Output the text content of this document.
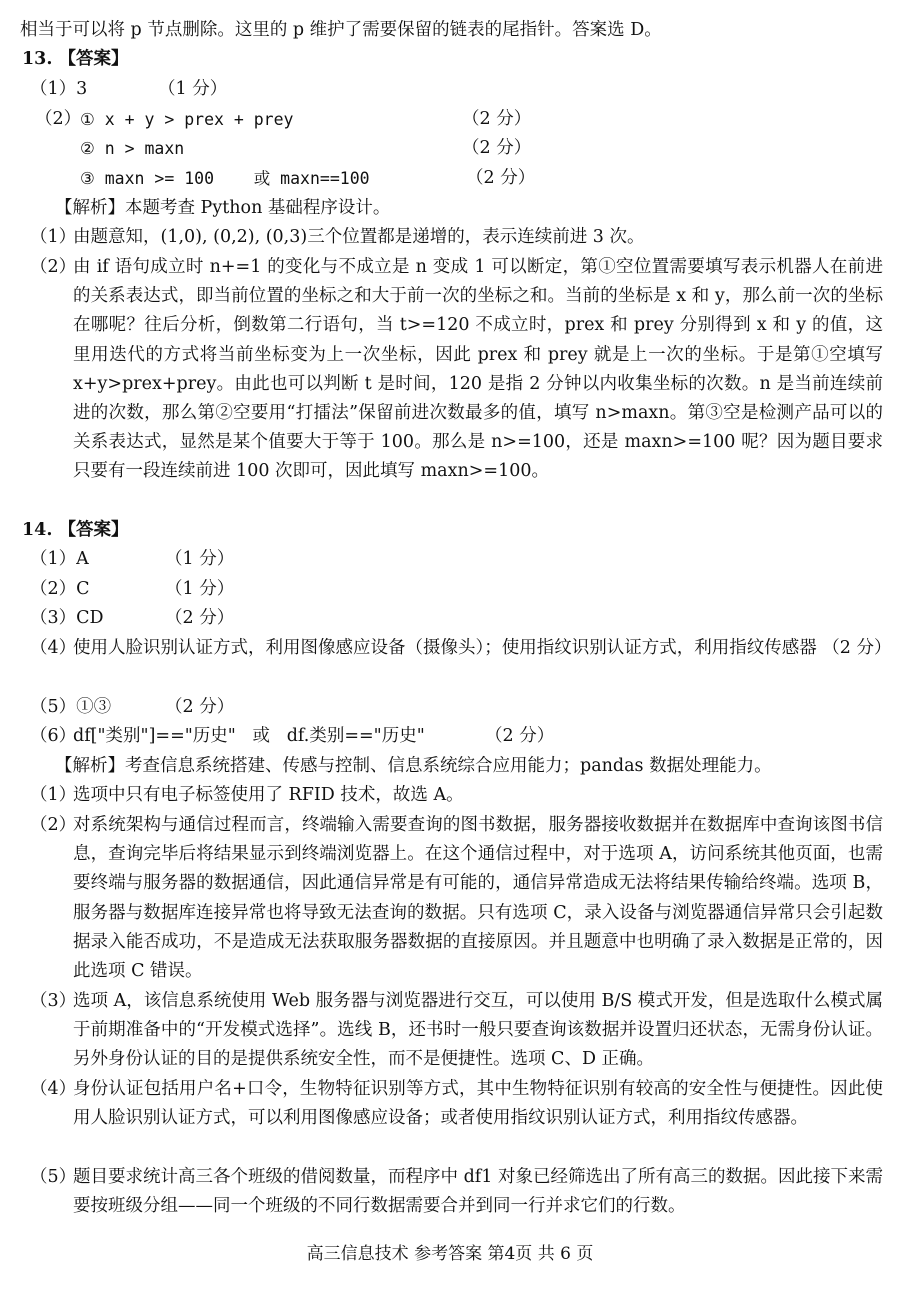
相当于可以将 p 节点删除。这里的 p 维护了需要保留的链表的尾指针。答案选 D。
13. 【答案】
（1）3	（1 分）
（2）
① x + y > prex + prey	（2 分）
② n > maxn	（2 分）
③ maxn >= 100    或 maxn==100	（2 分）
【解析】本题考查 Python 基础程序设计。
（1）
由题意知，(1,0), (0,2), (0,3)三个位置都是递增的，表示连续前进 3 次。
（2）
由 if 语句成立时 n+=1 的变化与不成立是 n 变成 1 可以断定，第①空位置需要填写表示机器人在前进的关系表达式，即当前位置的坐标之和大于前一次的坐标之和。当前的坐标是 x 和 y，那么前一次的坐标在哪呢？往后分析，倒数第二行语句，当 t>=120 不成立时，prex 和 prey 分别得到 x 和 y 的值，这里用迭代的方式将当前坐标变为上一次坐标，因此 prex 和 prey 就是上一次的坐标。于是第①空填写 x+y>prex+prey。由此也可以判断 t 是时间，120 是指 2 分钟以内收集坐标的次数。n 是当前连续前进的次数，那么第②空要用“打擂法”保留前进次数最多的值，填写 n>maxn。第③空是检测产品可以的关系表达式，显然是某个值要大于等于 100。那么是 n>=100，还是 maxn>=100 呢？因为题目要求只要有一段连续前进 100 次即可，因此填写 maxn>=100。
14. 【答案】
（1）A	（1 分）
（2）C	（1 分）
（3）CD	（2 分）
（4）
使用人脸识别认证方式，利用图像感应设备（摄像头）；使用指纹识别认证方式，利用指纹传感器 （2 分）
（5）①③	（2 分）
（6）
df["类别"]=="历史"   或   df.类别=="历史"	（2 分）
【解析】考查信息系统搭建、传感与控制、信息系统综合应用能力；pandas 数据处理能力。
（1）
选项中只有电子标签使用了 RFID 技术，故选 A。
（2）
对系统架构与通信过程而言，终端输入需要查询的图书数据，服务器接收数据并在数据库中查询该图书信息，查询完毕后将结果显示到终端浏览器上。在这个通信过程中，对于选项 A，访问系统其他页面，也需要终端与服务器的数据通信，因此通信异常是有可能的，通信异常造成无法将结果传输给终端。选项 B，服务器与数据库连接异常也将导致无法查询的数据。只有选项 C，录入设备与浏览器通信异常只会引起数据录入能否成功，不是造成无法获取服务器数据的直接原因。并且题意中也明确了录入数据是正常的，因此选项 C 错误。
（3）
选项 A，该信息系统使用 Web 服务器与浏览器进行交互，可以使用 B/S 模式开发，但是选取什么模式属于前期准备中的“开发模式选择”。选线 B，还书时一般只要查询该数据并设置归还状态，无需身份认证。另外身份认证的目的是提供系统安全性，而不是便捷性。选项 C、D 正确。
（4）
身份认证包括用户名+口令，生物特征识别等方式，其中生物特征识别有较高的安全性与便捷性。因此使用人脸识别认证方式，可以利用图像感应设备；或者使用指纹识别认证方式，利用指纹传感器。
（5）
题目要求统计高三各个班级的借阅数量，而程序中 df1 对象已经筛选出了所有高三的数据。因此接下来需要按班级分组——同一个班级的不同行数据需要合并到同一行并求它们的行数。
高三信息技术 参考答案 第4页 共 6 页
